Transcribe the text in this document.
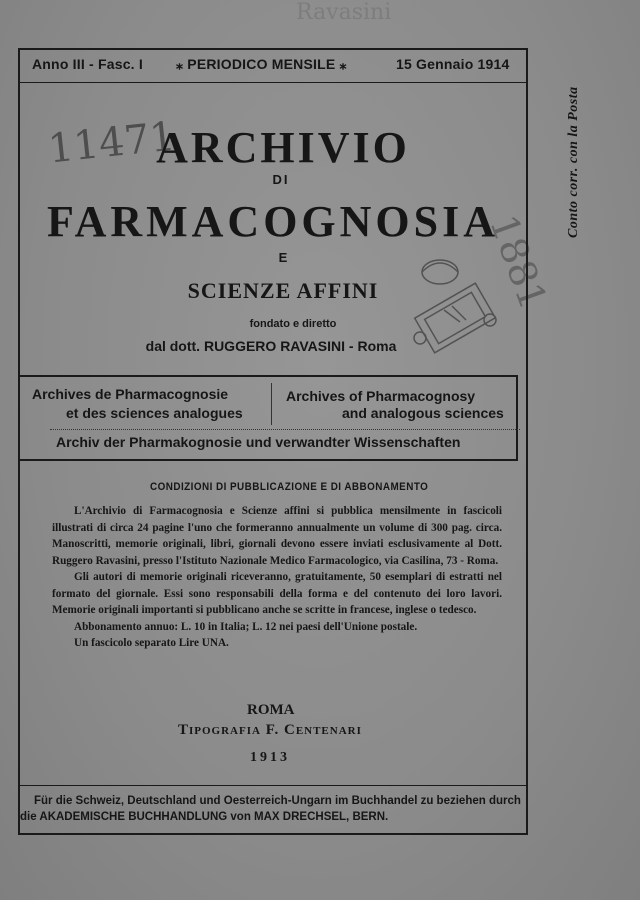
Ravasini
11471
1881
Anno III - Fasc. I ⁎ PERIODICO MENSILE ⁎	15 Gennaio 1914
Conto corr. con la Posta
ARCHIVIO
DI
FARMACOGNOSIA
E
SCIENZE AFFINI
fondato e diretto
dal dott. RUGGERO RAVASINI - Roma
Archives de Pharmacognosie
et des sciences analogues
Archives of Pharmacognosy
and analogous sciences
Archiv der Pharmakognosie und verwandter Wissenschaften
CONDIZIONI DI PUBBLICAZIONE E DI ABBONAMENTO

L'Archivio di Farmacognosia e Scienze affini si pubblica mensilmente in fascicoli illustrati di circa 24 pagine l'uno che formeranno annualmente un volume di 300 pag. circa. Manoscritti, memorie originali, libri, giornali devono essere inviati esclusivamente al Dott. Ruggero Ravasini, presso l'Istituto Nazionale Medico Farmacologico, via Casilina, 73 - Roma.

Gli autori di memorie originali riceveranno, gratuitamente, 50 esemplari di estratti nel formato del giornale. Essi sono responsabili della forma e del contenuto dei loro lavori. Memorie originali importanti si pubblicano anche se scritte in francese, inglese o tedesco.

Abbonamento annuo: L. 10 in Italia; L. 12 nei paesi dell'Unione postale.

Un fascicolo separato Lire UNA.

ROMA
Tipografia F. Centenari
1913
Für die Schweiz, Deutschland und Oesterreich-Ungarn im Buchhandel zu beziehen durch
die AKADEMISCHE BUCHHANDLUNG von MAX DRECHSEL, BERN.
